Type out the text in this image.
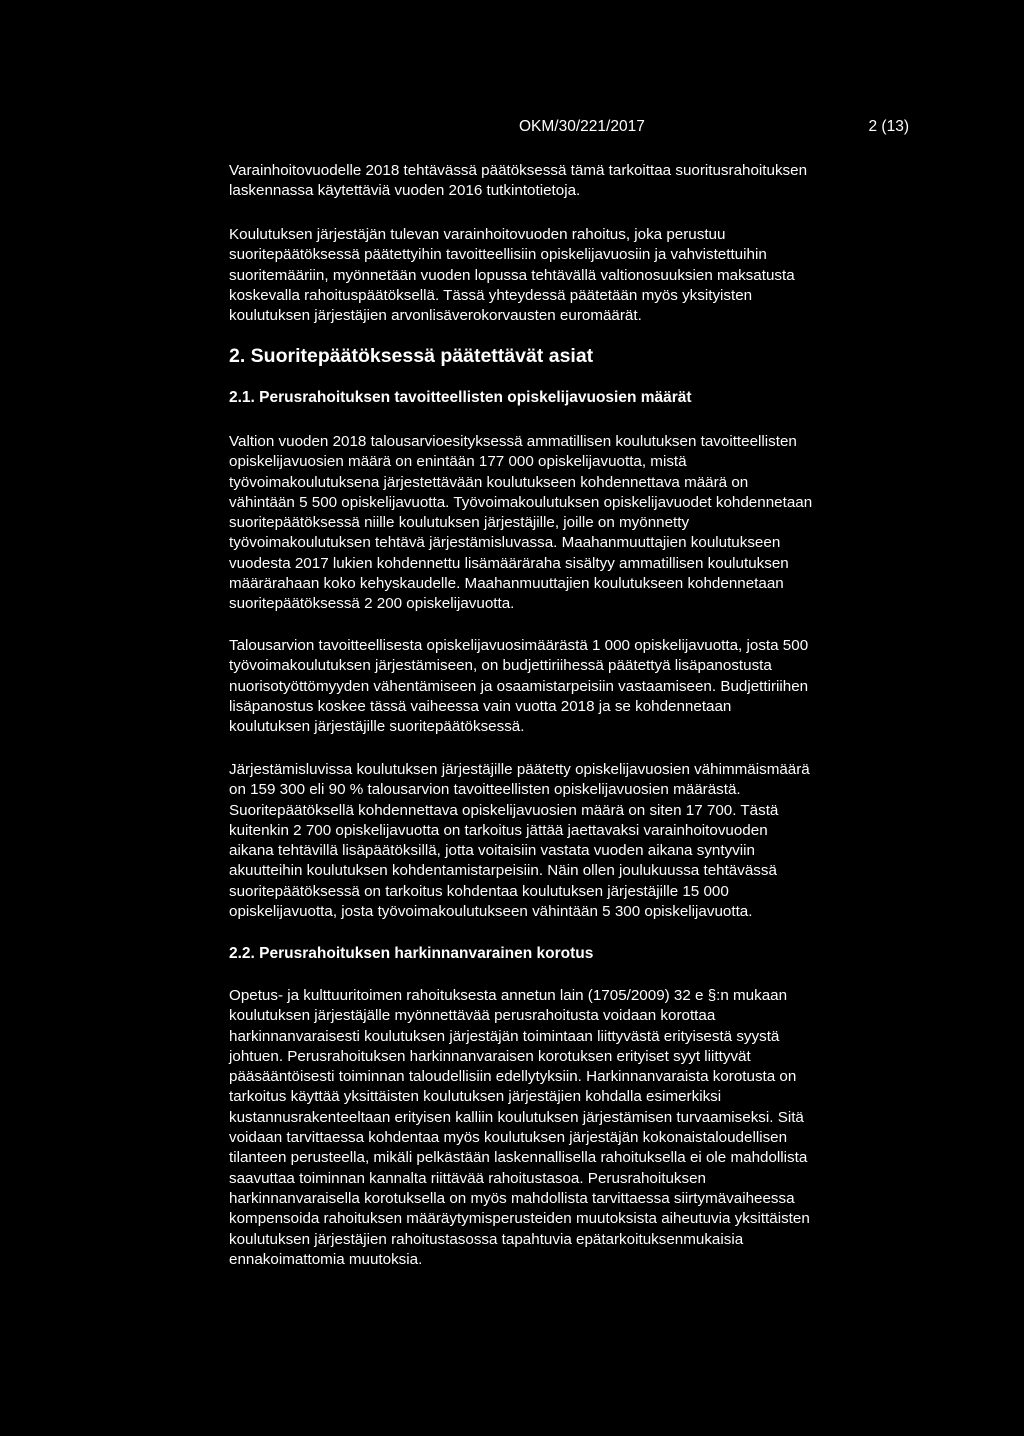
OKM/30/221/2017	2 (13)

Varainhoitovuodelle 2018 tehtävässä päätöksessä tämä tarkoittaa suoritusrahoituksen
laskennassa käytettäviä vuoden 2016 tutkintotietoja.

Koulutuksen järjestäjän tulevan varainhoitovuoden rahoitus, joka perustuu
suoritepäätöksessä päätettyihin tavoitteellisiin opiskelijavuosiin ja vahvistettuihin
suoritemääriin, myönnetään vuoden lopussa tehtävällä valtionosuuksien maksatusta
koskevalla rahoituspäätöksellä. Tässä yhteydessä päätetään myös yksityisten
koulutuksen järjestäjien arvonlisäverokorvausten euromäärät.

2. Suoritepäätöksessä päätettävät asiat
2.1. Perusrahoituksen tavoitteellisten opiskelijavuosien määrät

Valtion vuoden 2018 talousarvioesityksessä ammatillisen koulutuksen tavoitteellisten
opiskelijavuosien määrä on enintään 177 000 opiskelijavuotta, mistä
työvoimakoulutuksena järjestettävään koulutukseen kohdennettava määrä on
vähintään 5 500 opiskelijavuotta. Työvoimakoulutuksen opiskelijavuodet kohdennetaan
suoritepäätöksessä niille koulutuksen järjestäjille, joille on myönnetty
työvoimakoulutuksen tehtävä järjestämisluvassa. Maahanmuuttajien koulutukseen
vuodesta 2017 lukien kohdennettu lisämääräraha sisältyy ammatillisen koulutuksen
määrärahaan koko kehyskaudelle. Maahanmuuttajien koulutukseen kohdennetaan
suoritepäätöksessä 2 200 opiskelijavuotta.

Talousarvion tavoitteellisesta opiskelijavuosimäärästä 1 000 opiskelijavuotta, josta 500
työvoimakoulutuksen järjestämiseen, on budjettiriihessä päätettyä lisäpanostusta
nuorisotyöttömyyden vähentämiseen ja osaamistarpeisiin vastaamiseen. Budjettiriihen
lisäpanostus koskee tässä vaiheessa vain vuotta 2018 ja se kohdennetaan
koulutuksen järjestäjille suoritepäätöksessä.

Järjestämisluvissa koulutuksen järjestäjille päätetty opiskelijavuosien vähimmäismäärä
on 159 300 eli 90 % talousarvion tavoitteellisten opiskelijavuosien määrästä.
Suoritepäätöksellä kohdennettava opiskelijavuosien määrä on siten 17 700. Tästä
kuitenkin 2 700 opiskelijavuotta on tarkoitus jättää jaettavaksi varainhoitovuoden
aikana tehtävillä lisäpäätöksillä, jotta voitaisiin vastata vuoden aikana syntyviin
akuutteihin koulutuksen kohdentamistarpeisiin. Näin ollen joulukuussa tehtävässä
suoritepäätöksessä on tarkoitus kohdentaa koulutuksen järjestäjille 15 000
opiskelijavuotta, josta työvoimakoulutukseen vähintään 5 300 opiskelijavuotta.

2.2. Perusrahoituksen harkinnanvarainen korotus

Opetus- ja kulttuuritoimen rahoituksesta annetun lain (1705/2009) 32 e §:n mukaan
koulutuksen järjestäjälle myönnettävää perusrahoitusta voidaan korottaa
harkinnanvaraisesti koulutuksen järjestäjän toimintaan liittyvästä erityisestä syystä
johtuen. Perusrahoituksen harkinnanvaraisen korotuksen erityiset syyt liittyvät
pääsääntöisesti toiminnan taloudellisiin edellytyksiin. Harkinnanvaraista korotusta on
tarkoitus käyttää yksittäisten koulutuksen järjestäjien kohdalla esimerkiksi
kustannusrakenteeltaan erityisen kalliin koulutuksen järjestämisen turvaamiseksi. Sitä
voidaan tarvittaessa kohdentaa myös koulutuksen järjestäjän kokonaistaloudellisen
tilanteen perusteella, mikäli pelkästään laskennallisella rahoituksella ei ole mahdollista
saavuttaa toiminnan kannalta riittävää rahoitustasoa. Perusrahoituksen
harkinnanvaraisella korotuksella on myös mahdollista tarvittaessa siirtymävaiheessa
kompensoida rahoituksen määräytymisperusteiden muutoksista aiheutuvia yksittäisten
koulutuksen järjestäjien rahoitustasossa tapahtuvia epätarkoituksenmukaisia
ennakoimattomia muutoksia.
